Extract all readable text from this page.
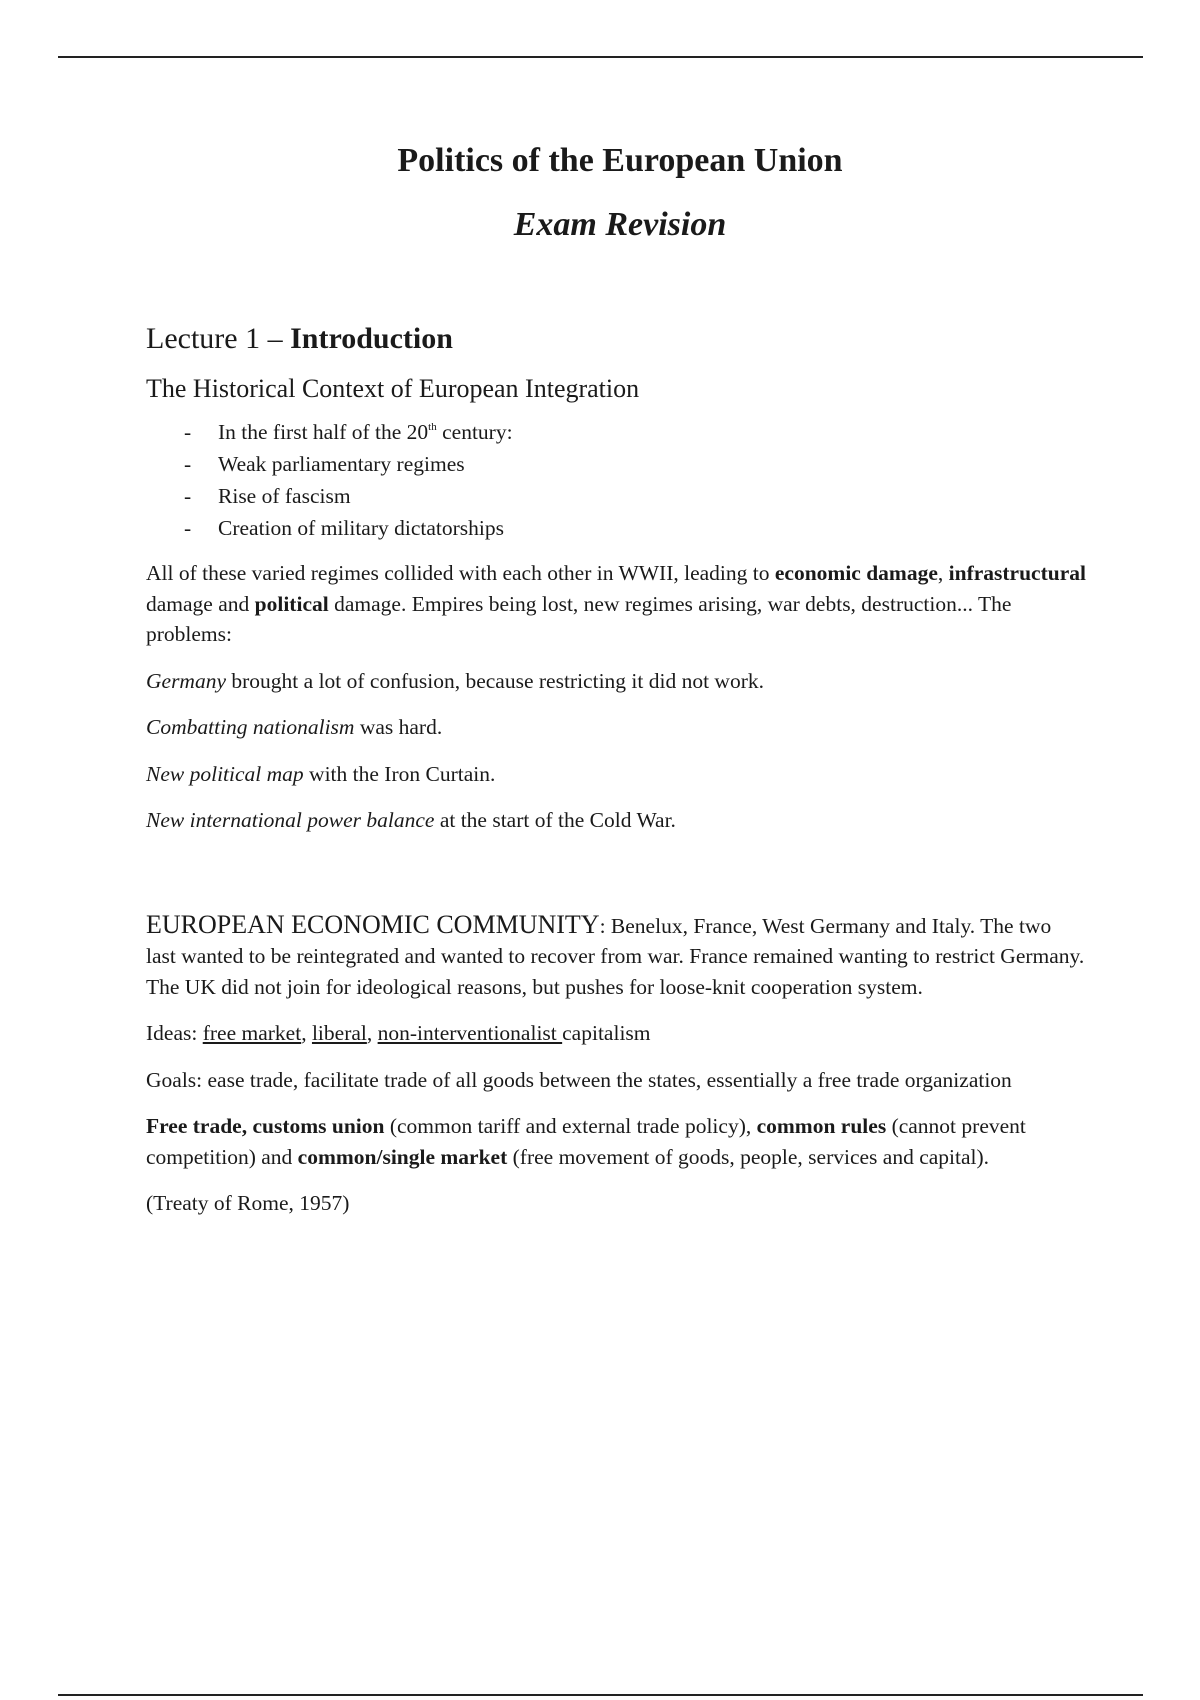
Politics of the European Union
Exam Revision
Lecture 1 – Introduction
The Historical Context of European Integration
- In the first half of the 20th century:
- Weak parliamentary regimes
- Rise of fascism
- Creation of military dictatorships

All of these varied regimes collided with each other in WWII, leading to economic damage, infrastructural damage and political damage. Empires being lost, new regimes arising, war debts, destruction... The problems:

Germany brought a lot of confusion, because restricting it did not work.

Combatting nationalism was hard.

New political map with the Iron Curtain.

New international power balance at the start of the Cold War.

EUROPEAN ECONOMIC COMMUNITY: Benelux, France, West Germany and Italy. The two last wanted to be reintegrated and wanted to recover from war. France remained wanting to restrict Germany. The UK did not join for ideological reasons, but pushes for loose-knit cooperation system.

Ideas: free market, liberal, non-interventionalist capitalism

Goals: ease trade, facilitate trade of all goods between the states, essentially a free trade organization

Free trade, customs union (common tariff and external trade policy), common rules (cannot prevent competition) and common/single market (free movement of goods, people, services and capital).

(Treaty of Rome, 1957)
